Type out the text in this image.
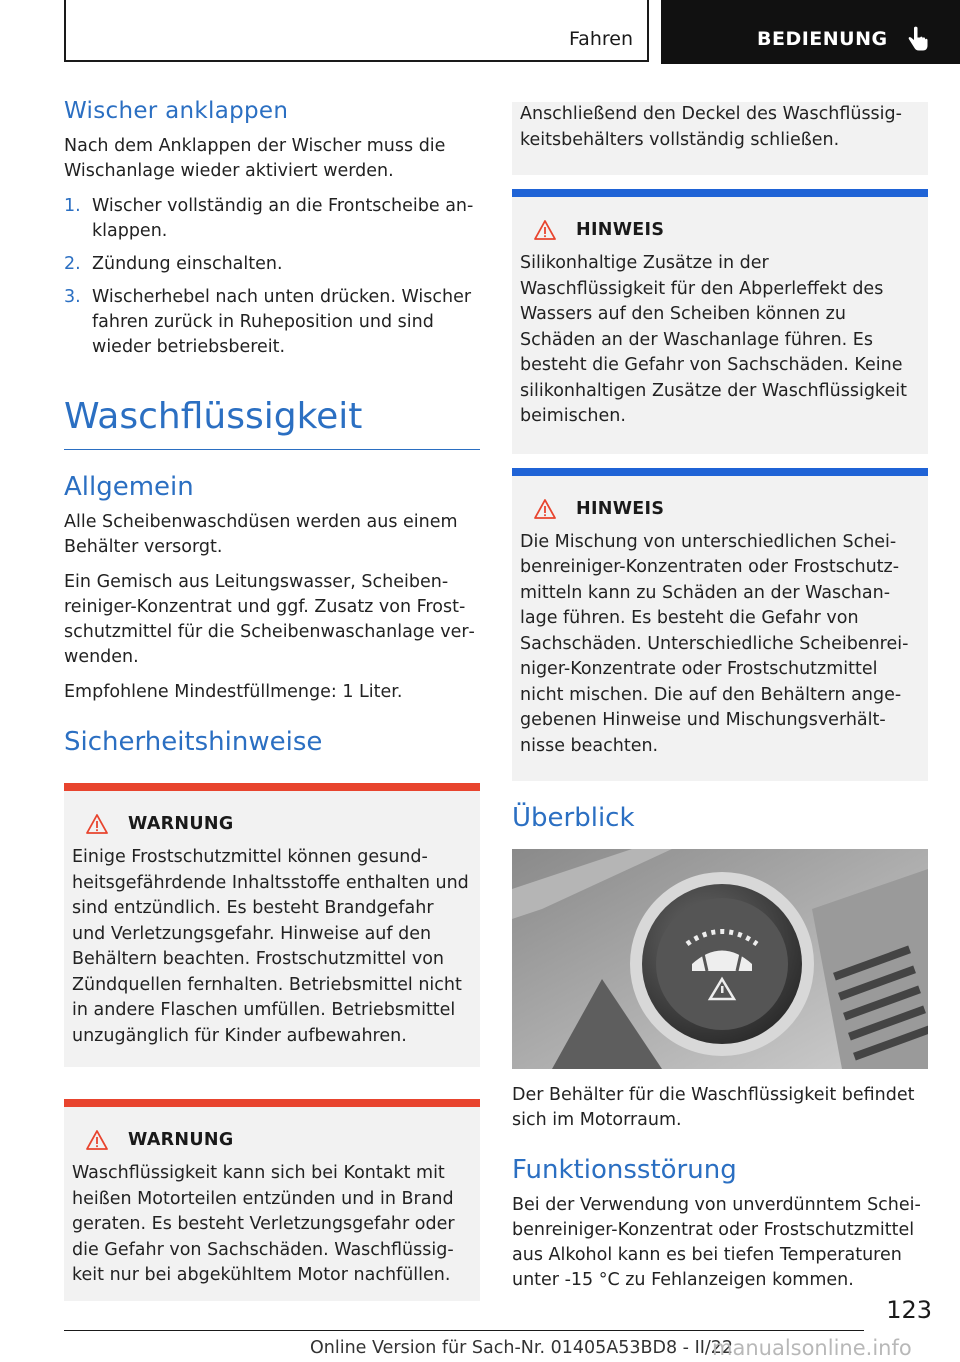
Fahren	BEDIENUNG
Wischer anklappen

Nach dem Anklappen der Wischer muss die Wischanlage wieder aktiviert werden.

1. Wischer vollständig an die Frontscheibe anklappen.
2. Zündung einschalten.
3. Wischerhebel nach unten drücken. Wischer fahren zurück in Ruheposition und sind wieder betriebsbereit.
Waschflüssigkeit
Allgemein

Alle Scheibenwaschdüsen werden aus einem Behälter versorgt.

Ein Gemisch aus Leitungswasser, Scheibenreiniger-Konzentrat und ggf. Zusatz von Frostschutzmittel für die Scheibenwaschanlage verwenden.

Empfohlene Mindestfüllmenge: 1 Liter.

Sicherheitshinweise
WARNUNG
Einige Frostschutzmittel können gesundheitsgefährdende Inhaltsstoffe enthalten und sind entzündlich. Es besteht Brandgefahr und Verletzungsgefahr. Hinweise auf den Behältern beachten. Frostschutzmittel von Zündquellen fernhalten. Betriebsmittel nicht in andere Flaschen umfüllen. Betriebsmittel unzugänglich für Kinder aufbewahren.
WARNUNG
Waschflüssigkeit kann sich bei Kontakt mit heißen Motorteilen entzünden und in Brand geraten. Es besteht Verletzungsgefahr oder die Gefahr von Sachschäden. Waschflüssigkeit nur bei abgekühltem Motor nachfüllen.
Anschließend den Deckel des Waschflüssigkeitsbehälters vollständig schließen.
HINWEIS
Silikonhaltige Zusätze in der Waschflüssigkeit für den Abperleffekt des Wassers auf den Scheiben können zu Schäden an der Waschanlage führen. Es besteht die Gefahr von Sachschäden. Keine silikonhaltigen Zusätze der Waschflüssigkeit beimischen.
HINWEIS
Die Mischung von unterschiedlichen Scheibenreiniger-Konzentraten oder Frostschutzmitteln kann zu Schäden an der Waschanlage führen. Es besteht die Gefahr von Sachschäden. Unterschiedliche Scheibenreiniger-Konzentrate oder Frostschutzmittel nicht mischen. Die auf den Behältern angegebenen Hinweise und Mischungsverhältnisse beachten.
Überblick

Der Behälter für die Waschflüssigkeit befindet sich im Motorraum.

Funktionsstörung

Bei der Verwendung von unverdünntem Scheibenreiniger-Konzentrat oder Frostschutzmittel aus Alkohol kann es bei tiefen Temperaturen unter -15 °C zu Fehlanzeigen kommen.

123
Online Version für Sach-Nr. 01405A53BD8 - II/22
manualsonline.info
